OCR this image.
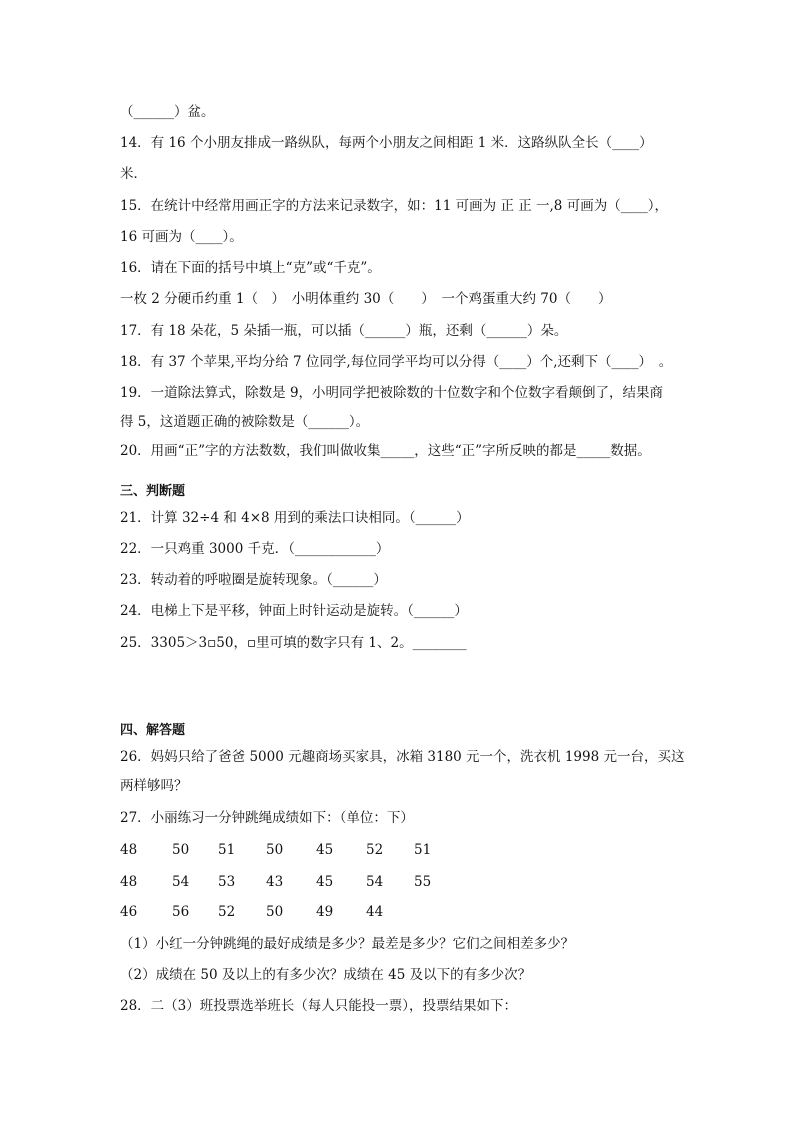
（______）盆。
14．有 16 个小朋友排成一路纵队，每两个小朋友之间相距 1 米．这路纵队全长（____）
米．
15．在统计中经常用画正字的方法来记录数字，如：11 可画为 正 正 一,8 可画为（____），
16 可画为（____）。
16．请在下面的括号中填上“克”或“千克”。
一枚 2 分硬币约重 1（　）　小明体重约 30（　　）　一个鸡蛋重大约 70（　　）
17．有 18 朵花，5 朵插一瓶，可以插（______）瓶，还剩（______）朵。
18．有 37 个苹果,平均分给 7 位同学,每位同学平均可以分得（____）个,还剩下（____）　。
19．一道除法算式，除数是 9，小明同学把被除数的十位数字和个位数字看颠倒了，结果商
得 5，这道题正确的被除数是（______）。
20．用画“正”字的方法数数，我们叫做收集_____，这些“正”字所反映的都是_____数据。
三、判断题
21．计算 32÷4 和 4×8 用到的乘法口诀相同。（______）
22．一只鸡重 3000 千克．（____________）
23．转动着的呼啦圈是旋转现象。（______）
24．电梯上下是平移，钟面上时针运动是旋转。（______）
25．3305＞3▫50，▫里可填的数字只有 1、2。________
四、解答题
26．妈妈只给了爸爸 5000 元趣商场买家具，冰箱 3180 元一个，洗衣机 1998 元一台，买这
两样够吗？
27．小丽练习一分钟跳绳成绩如下：（单位：下）
48	50 51 50 45 52 51
48	54 53 43 45 54 55
46	56 52 50 49 44
（1）小红一分钟跳绳的最好成绩是多少？最差是多少？它们之间相差多少？
（2）成绩在 50 及以上的有多少次？成绩在 45 及以下的有多少次？
28．二（3）班投票选举班长（每人只能投一票），投票结果如下：
